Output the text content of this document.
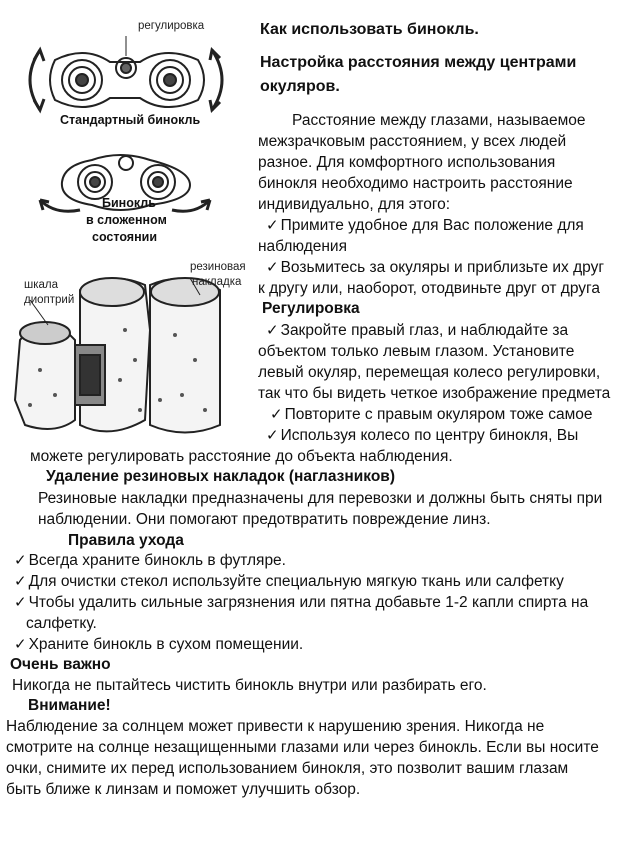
регулировка
Стандартный бинокль
Бинокль
в сложенном
состоянии
резиновая
накладка
шкала
диоптрий
Как использовать бинокль.
Настройка расстояния между центрами
окуляров.
Расстояние между глазами, называемое
межзрачковым расстоянием, у всех людей
разное. Для комфортного использования
бинокля необходимо настроить расстояние
индивидуально, для этого:
✓ Примите удобное для Вас положение для
наблюдения
✓ Возьмитесь за окуляры и приблизьте их друг
к другу или, наоборот, отодвиньте друг от друга
Регулировка
✓ Закройте правый глаз, и наблюдайте за
объектом только левым глазом. Установите
левый окуляр, перемещая колесо регулировки,
так что бы видеть четкое изображение предмета
✓ Повторите с правым окуляром тоже самое
✓ Используя колесо по центру бинокля, Вы
можете регулировать расстояние до объекта наблюдения.
Удаление резиновых накладок (наглазников)
Резиновые накладки предназначены для перевозки и должны быть сняты при
наблюдении. Они помогают предотвратить повреждение линз.
Правила ухода
✓ Всегда храните бинокль в футляре.
✓ Для очистки стекол используйте специальную мягкую ткань или салфетку
✓ Чтобы удалить сильные загрязнения или пятна добавьте 1-2 капли спирта на
салфетку.
✓ Храните бинокль в сухом помещении.
Очень важно
Никогда не пытайтесь чистить бинокль внутри или разбирать его.
Внимание!
Наблюдение за солнцем может привести к нарушению зрения. Никогда не
смотрите на солнце незащищенными глазами или через бинокль. Если вы носите
очки, снимите их перед использованием бинокля, это позволит вашим глазам
быть ближе к линзам и поможет улучшить обзор.
